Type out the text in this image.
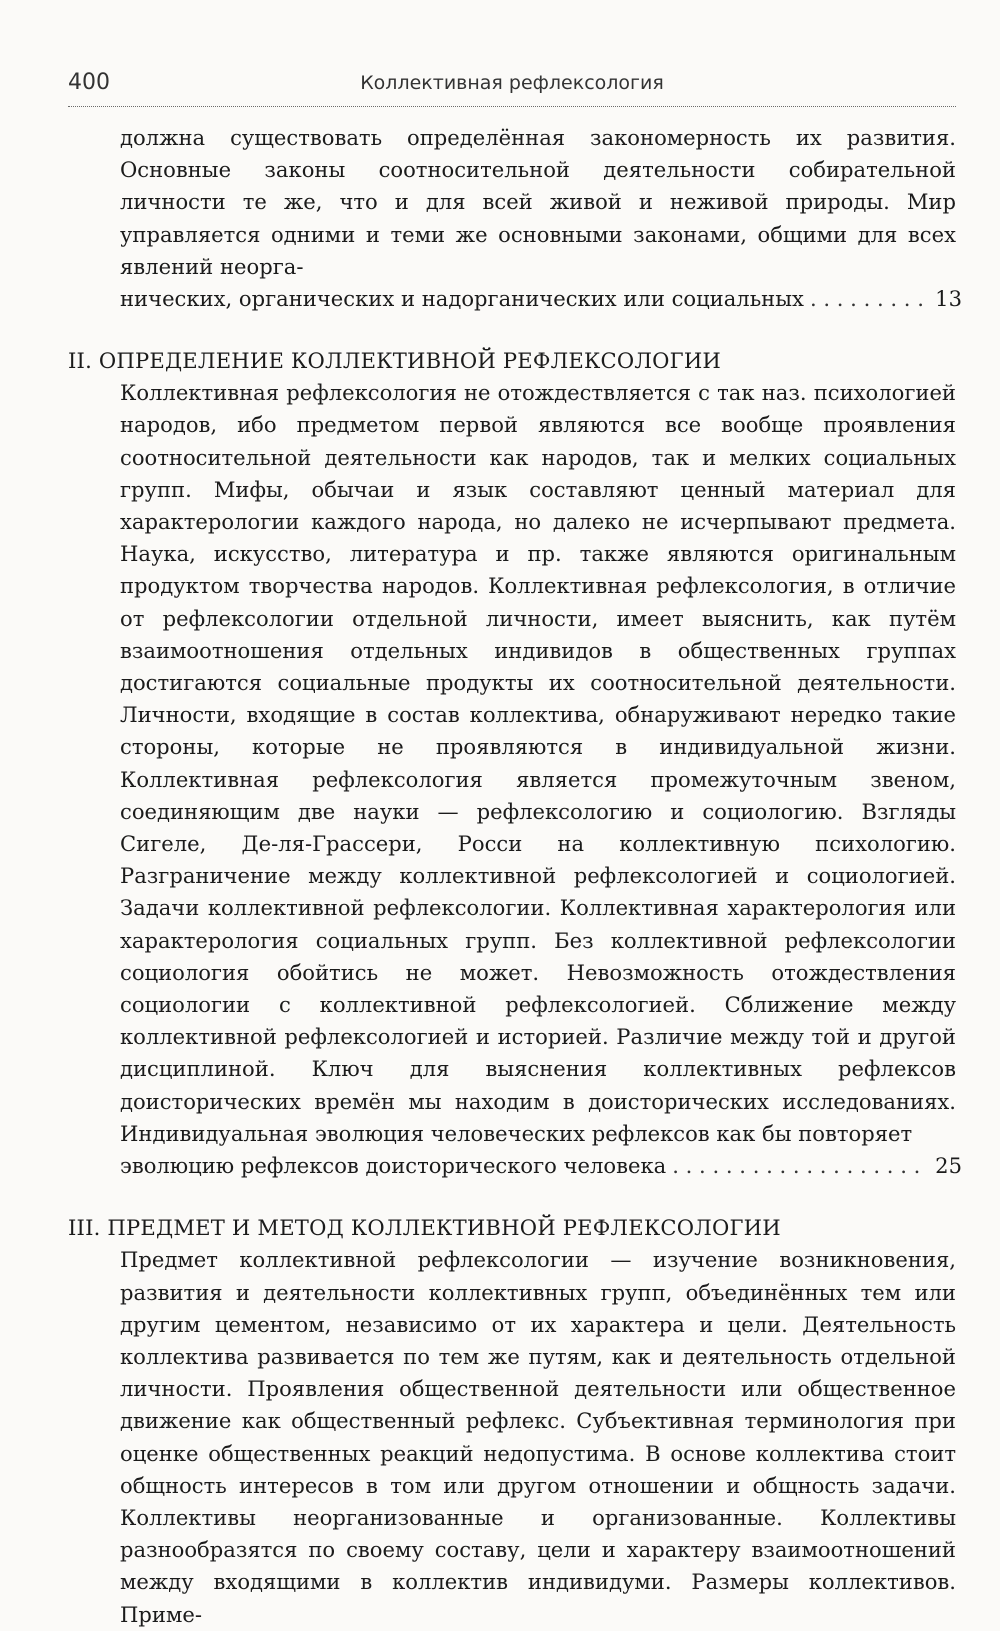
400	Коллективная рефлексология

должна существовать определённая закономерность их развития. Основные законы соотносительной деятельности собирательной личности те же, что и для всей живой и неживой природы. Мир управляется одними и теми же основными законами, общими для всех явлений неорга-

нических, органических и надорганических или социальных . . .	13
II. ОПРЕДЕЛЕНИЕ КОЛЛЕКТИВНОЙ РЕФЛЕКСОЛОГИИ

Коллективная рефлексология не отождествляется с так наз. психологией народов, ибо предметом первой являются все вообще проявления соотносительной деятельности как народов, так и мелких социальных групп. Мифы, обычаи и язык составляют ценный материал для характерологии каждого народа, но далеко не исчерпывают предмета. Наука, искусство, литература и пр. также являются оригинальным продуктом творчества народов. Коллективная рефлексология, в отличие от рефлексологии отдельной личности, имеет выяснить, как путём взаимоотношения отдельных индивидов в общественных группах достигаются социальные продукты их соотносительной деятельности. Личности, входящие в состав коллектива, обнаруживают нередко такие стороны, которые не проявляются в индивидуальной жизни. Коллективная рефлексология является промежуточным звеном, соединяющим две науки — рефлексологию и социологию. Взгляды Сигеле, Де-ля-Грассери, Росси на коллективную психологию. Разграничение между коллективной рефлексологией и социологией. Задачи коллективной рефлексологии. Коллективная характерология или характерология социальных групп. Без коллективной рефлексологии социология обойтись не может. Невозможность отождествления социологии с коллективной рефлексологией. Сближение между коллективной рефлексологией и историей. Различие между той и другой дисциплиной. Ключ для выяснения коллективных рефлексов доисторических времён мы находим в доисторических исследованиях. Индивидуальная эволюция человеческих рефлексов как бы повторяет

эволюцию рефлексов доисторического человека . . .	25
III. ПРЕДМЕТ И МЕТОД КОЛЛЕКТИВНОЙ РЕФЛЕКСОЛОГИИ

Предмет коллективной рефлексологии — изучение возникновения, развития и деятельности коллективных групп, объединённых тем или другим цементом, независимо от их характера и цели. Деятельность коллектива развивается по тем же путям, как и деятельность отдельной личности. Проявления общественной деятельности или общественное движение как общественный рефлекс. Субъективная терминология при оценке общественных реакций недопустима. В основе коллектива стоит общность интересов в том или другом отношении и общность задачи. Коллективы неорганизованные и организованные. Коллективы разнообразятся по своему составу, цели и характеру взаимоотношений между входящими в коллектив индивидуми. Размеры коллективов. Приме-
